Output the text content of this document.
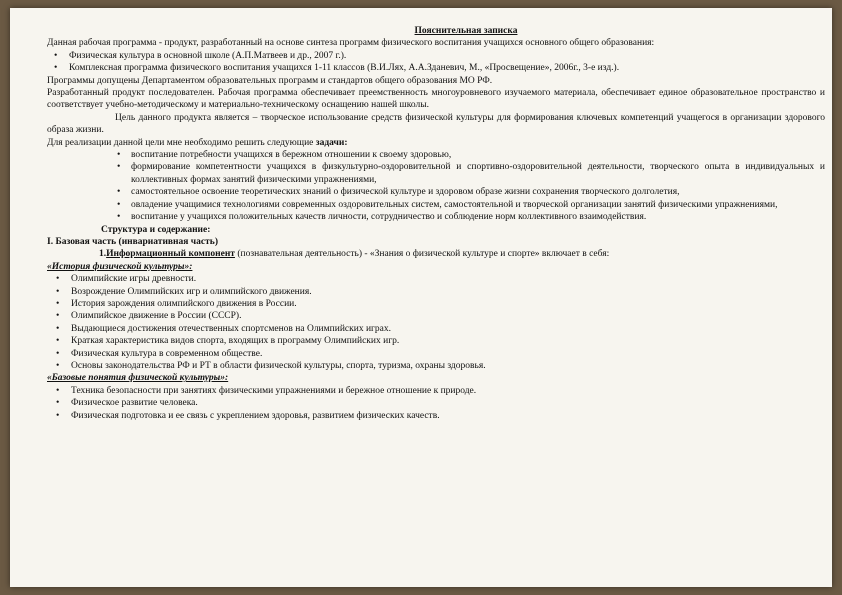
Пояснительная записка

Данная рабочая программа - продукт, разработанный на основе синтеза программ физического воспитания учащихся основного общего образования:

• Физическая культура в основной школе (А.П.Матвеев и др., 2007 г.).
• Комплексная программа физического воспитания учащихся 1-11 классов (В.И.Лях, А.А.Зданевич, М., «Просвещение», 2006г., 3-е изд.).

Программы допущены Департаментом образовательных программ и стандартов общего образования МО РФ.

Разработанный продукт последователен. Рабочая программа обеспечивает преемственность многоуровневого изучаемого материала, обеспечивает единое образовательное пространство и соответствует учебно-методическому и материально-техническому оснащению нашей школы.

Цель данного продукта является – творческое использование средств физической культуры для формирования ключевых компетенций учащегося в организации здорового образа жизни.

Для реализации данной цели мне необходимо решить следующие задачи:

• воспитание потребности учащихся в бережном отношении к своему здоровью,
• формирование компетентности учащихся в физкультурно-оздоровительной и спортивно-оздоровительной деятельности, творческого опыта в индивидуальных и коллективных формах занятий физическими упражнениями,
• самостоятельное освоение теоретических знаний о физической культуре и здоровом образе жизни сохранения творческого долголетия,
• овладение учащимися технологиями современных оздоровительных систем, самостоятельной и творческой организации занятий физическими упражнениями,
• воспитание у учащихся положительных качеств личности, сотрудничество и соблюдение норм коллективного взаимодействия.

Структура и содержание:

I. Базовая часть (инвариативная часть)

1.Информационный компонент (познавательная деятельность) - «Знания о физической культуре и спорте» включает в себя:

«История физической культуры»:

• Олимпийские игры древности.
• Возрождение Олимпийских игр и олимпийского движения.
• История зарождения олимпийского движения в России.
• Олимпийское движение в России (СССР).
• Выдающиеся достижения отечественных спортсменов на Олимпийских играх.
• Краткая характеристика видов спорта, входящих в программу Олимпийских игр.
• Физическая культура в современном обществе.
• Основы законодательства РФ и РТ в области физической культуры, спорта, туризма, охраны здоровья.

«Базовые понятия физической культуры»:

• Техника безопасности при занятиях физическими упражнениями и бережное отношение к природе.
• Физическое развитие человека.
• Физическая подготовка и ее связь с укреплением здоровья, развитием физических качеств.
